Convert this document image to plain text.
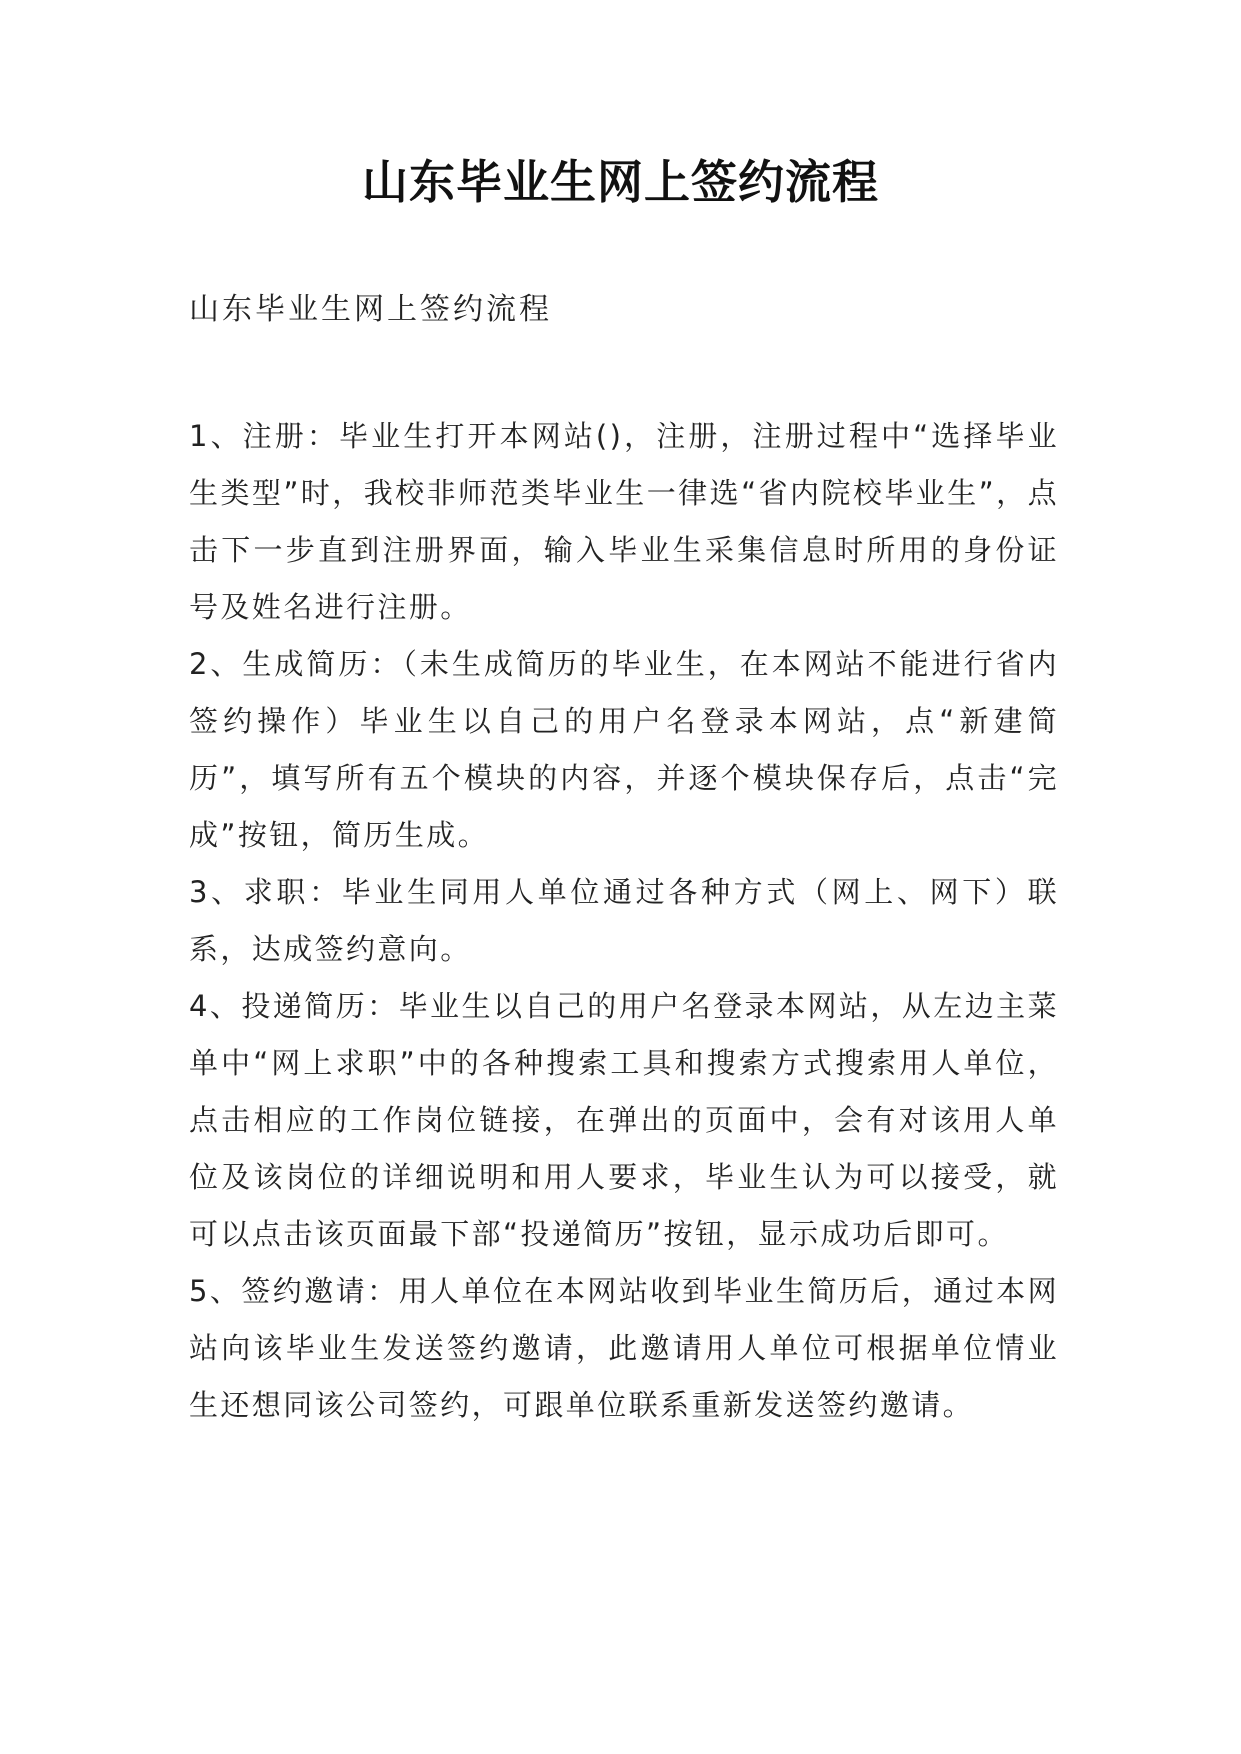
山东毕业生网上签约流程

山东毕业生网上签约流程

1、注册：毕业生打开本网站()，注册，注册过程中“选择毕业生类型”时，我校非师范类毕业生一律选“省内院校毕业生”，点击下一步直到注册界面，输入毕业生采集信息时所用的身份证号及姓名进行注册。

2、生成简历：（未生成简历的毕业生，在本网站不能进行省内签约操作）毕业生以自己的用户名登录本网站，点“新建简历”，填写所有五个模块的内容，并逐个模块保存后，点击“完成”按钮，简历生成。

3、求职：毕业生同用人单位通过各种方式（网上、网下）联系，达成签约意向。

4、投递简历：毕业生以自己的用户名登录本网站，从左边主菜单中“网上求职”中的各种搜索工具和搜索方式搜索用人单位，点击相应的工作岗位链接，在弹出的页面中，会有对该用人单位及该岗位的详细说明和用人要求，毕业生认为可以接受，就可以点击该页面最下部“投递简历”按钮，显示成功后即可。

5、签约邀请：用人单位在本网站收到毕业生简历后，通过本网站向该毕业生发送签约邀请，此邀请用人单位可根据单位情业生还想同该公司签约，可跟单位联系重新发送签约邀请。
